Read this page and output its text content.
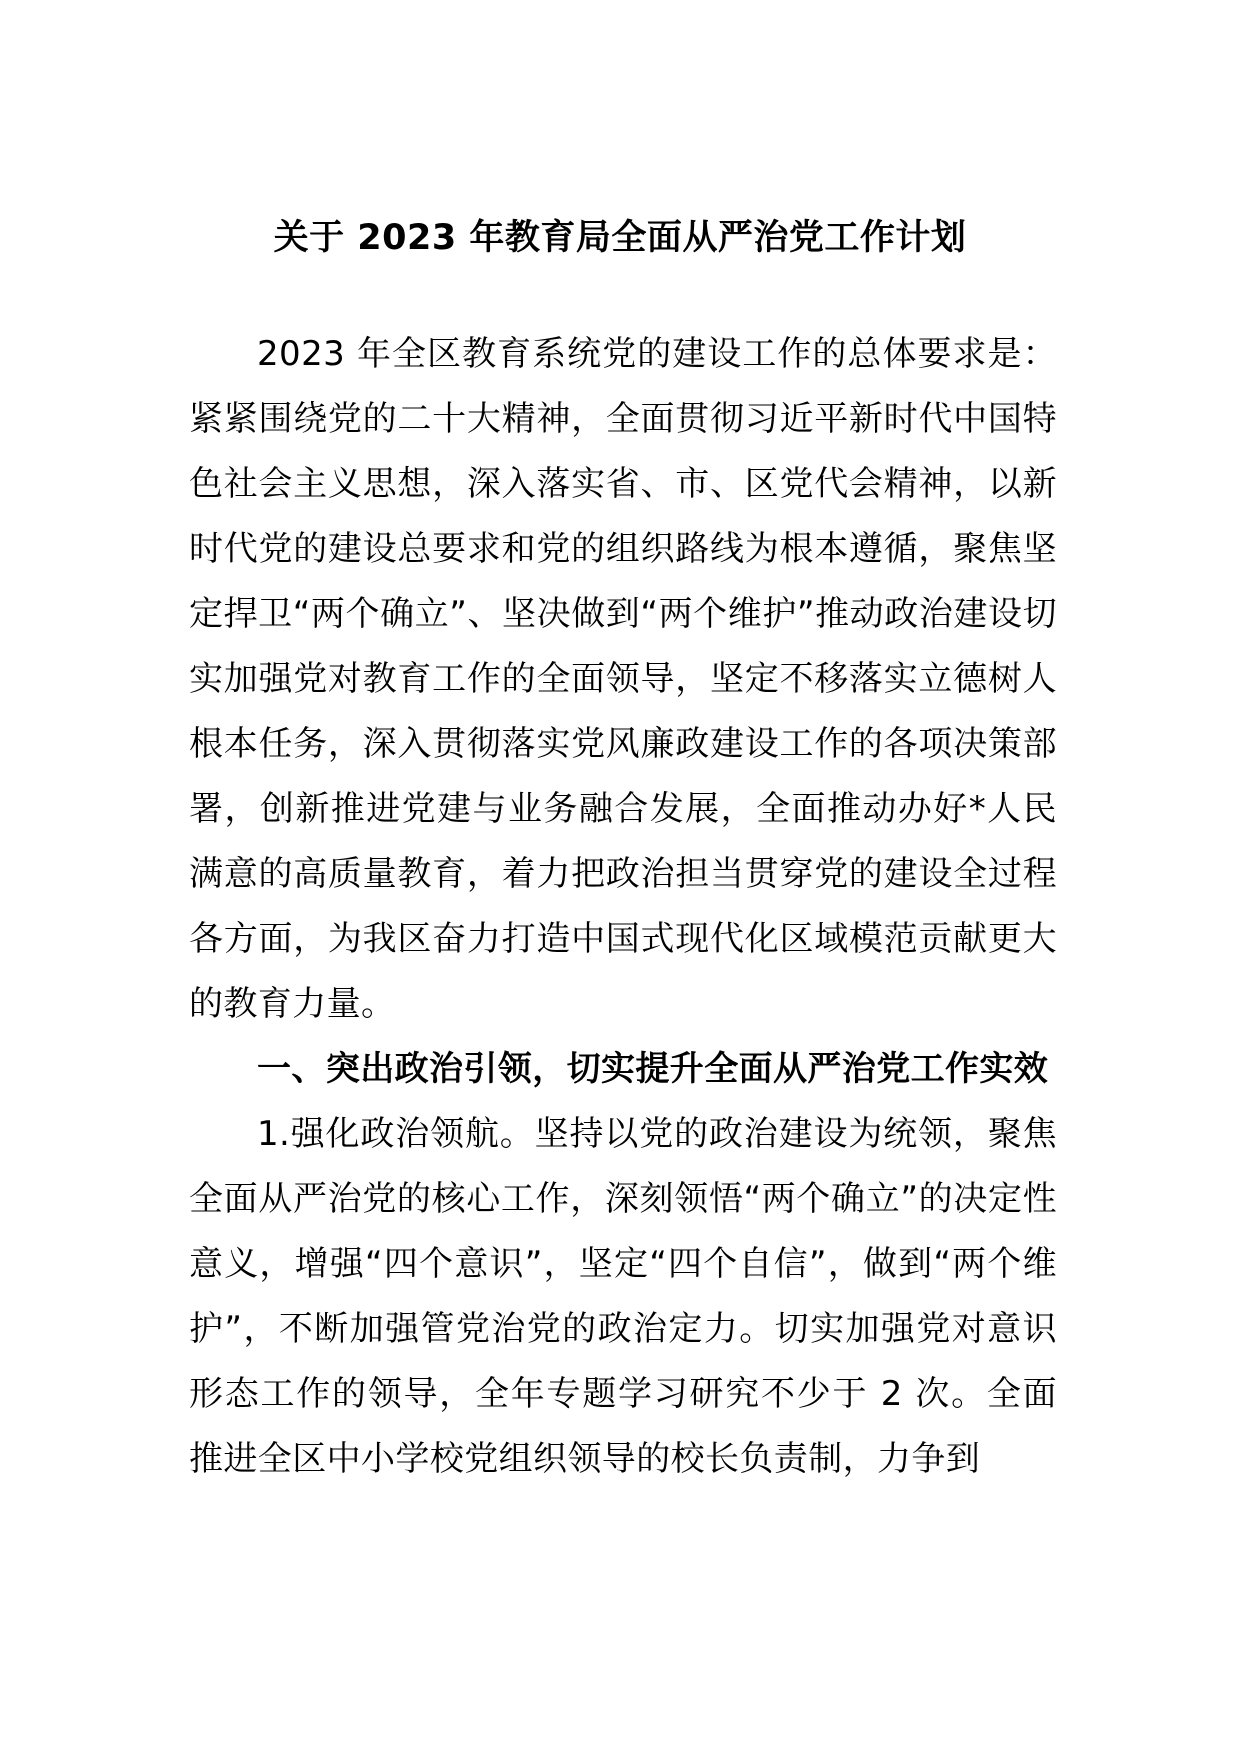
关于 2023 年教育局全面从严治党工作计划

2023 年全区教育系统党的建设工作的总体要求是：紧紧围绕党的二十大精神，全面贯彻习近平新时代中国特色社会主义思想，深入落实省、市、区党代会精神，以新时代党的建设总要求和党的组织路线为根本遵循，聚焦坚定捍卫“两个确立”、坚决做到“两个维护”推动政治建设切实加强党对教育工作的全面领导，坚定不移落实立德树人根本任务，深入贯彻落实党风廉政建设工作的各项决策部署，创新推进党建与业务融合发展，全面推动办好*人民满意的高质量教育，着力把政治担当贯穿党的建设全过程各方面，为我区奋力打造中国式现代化区域模范贡献更大的教育力量。

一、突出政治引领，切实提升全面从严治党工作实效

1.强化政治领航。坚持以党的政治建设为统领，聚焦全面从严治党的核心工作，深刻领悟“两个确立”的决定性意义，增强“四个意识”，坚定“四个自信”，做到“两个维护”，不断加强管党治党的政治定力。切实加强党对意识形态工作的领导，全年专题学习研究不少于 2 次。全面推进全区中小学校党组织领导的校长负责制，力争到
